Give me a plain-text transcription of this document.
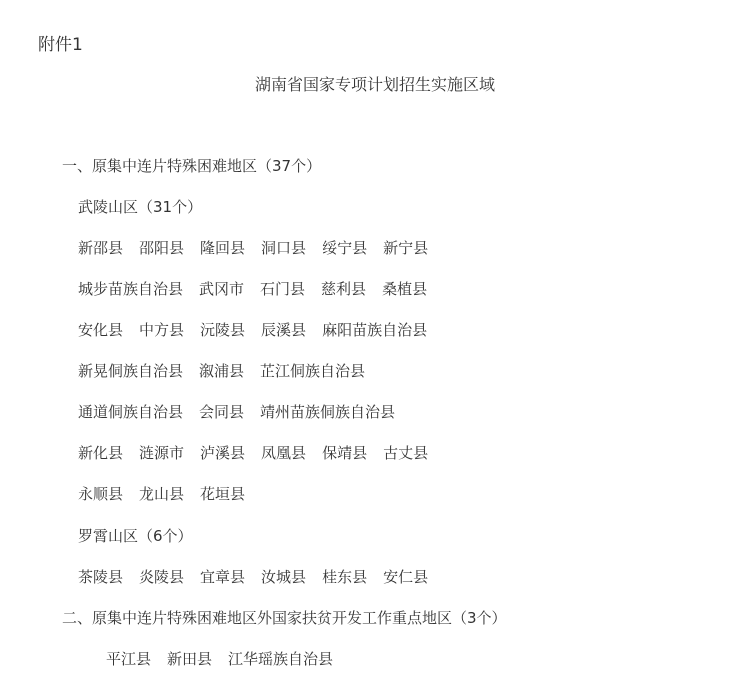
附件1
湖南省国家专项计划招生实施区域
一、原集中连片特殊困难地区（37个）
武陵山区（31个）
新邵县 邵阳县 隆回县 洞口县 绥宁县 新宁县
城步苗族自治县 武冈市 石门县 慈利县 桑植县
安化县 中方县 沅陵县 辰溪县 麻阳苗族自治县
新晃侗族自治县 溆浦县 芷江侗族自治县
通道侗族自治县 会同县 靖州苗族侗族自治县
新化县 涟源市 泸溪县 凤凰县 保靖县 古丈县
永顺县 龙山县 花垣县
罗霄山区（6个）
茶陵县 炎陵县 宜章县 汝城县 桂东县 安仁县
二、原集中连片特殊困难地区外国家扶贫开发工作重点地区（3个）
平江县 新田县 江华瑶族自治县
